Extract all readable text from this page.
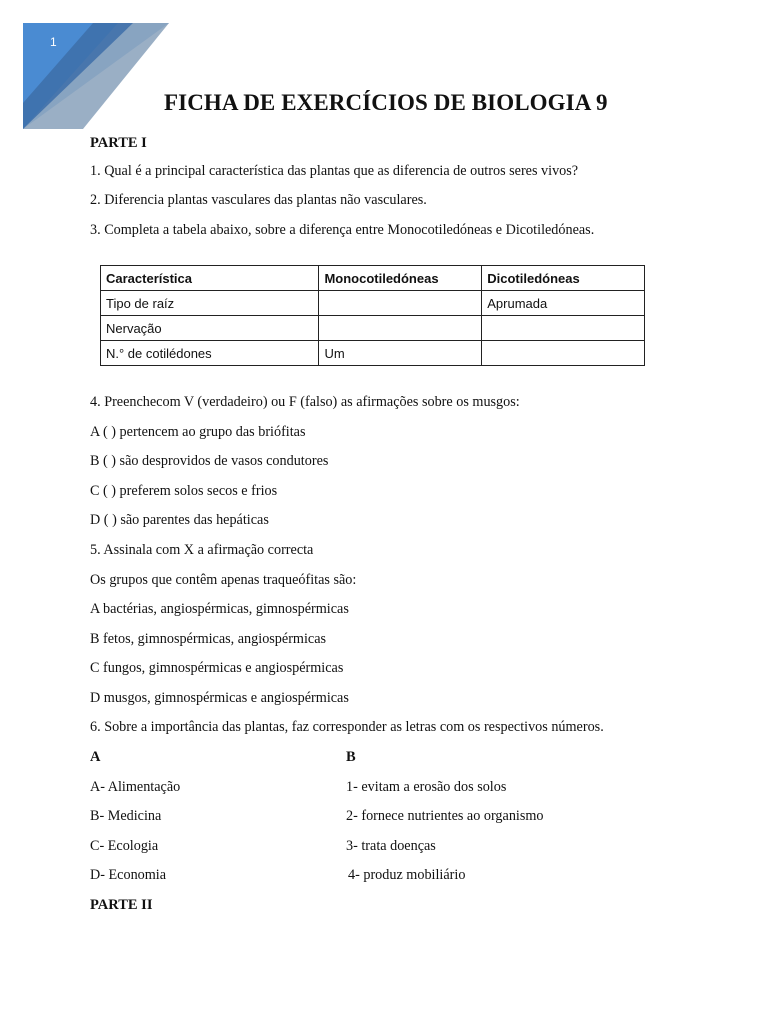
1
FICHA DE EXERCÍCIOS DE BIOLOGIA 9
PARTE I
1. Qual é a principal característica das plantas que as diferencia de outros seres vivos?
2. Diferencia plantas vasculares das plantas não vasculares.
3. Completa a tabela abaixo, sobre a diferença entre Monocotiledóneas e Dicotiledóneas.
Característica	Monocotiledóneas	Dicotiledóneas
Tipo de raíz		Aprumada
Nervação		
N.° de cotilédones	Um	
4. Preenchecom V (verdadeiro) ou F (falso) as afirmações sobre os musgos:
A ( ) pertencem ao grupo das briófitas
B ( ) são desprovidos de vasos condutores
C ( ) preferem solos secos e frios
D ( ) são parentes das hepáticas
5. Assinala com X a afirmação correcta
Os grupos que contêm apenas traqueófitas são:
A bactérias, angiospérmicas, gimnospérmicas
B fetos, gimnospérmicas, angiospérmicas
C fungos, gimnospérmicas e angiospérmicas
D musgos, gimnospérmicas e angiospérmicas
6. Sobre a importância das plantas, faz corresponder as letras com os respectivos números.
A	B
A- Alimentação	1- evitam a erosão dos solos
B- Medicina	2- fornece nutrientes ao organismo
C- Ecologia	3- trata doenças
D- Economia	4- produz mobiliário
PARTE II
